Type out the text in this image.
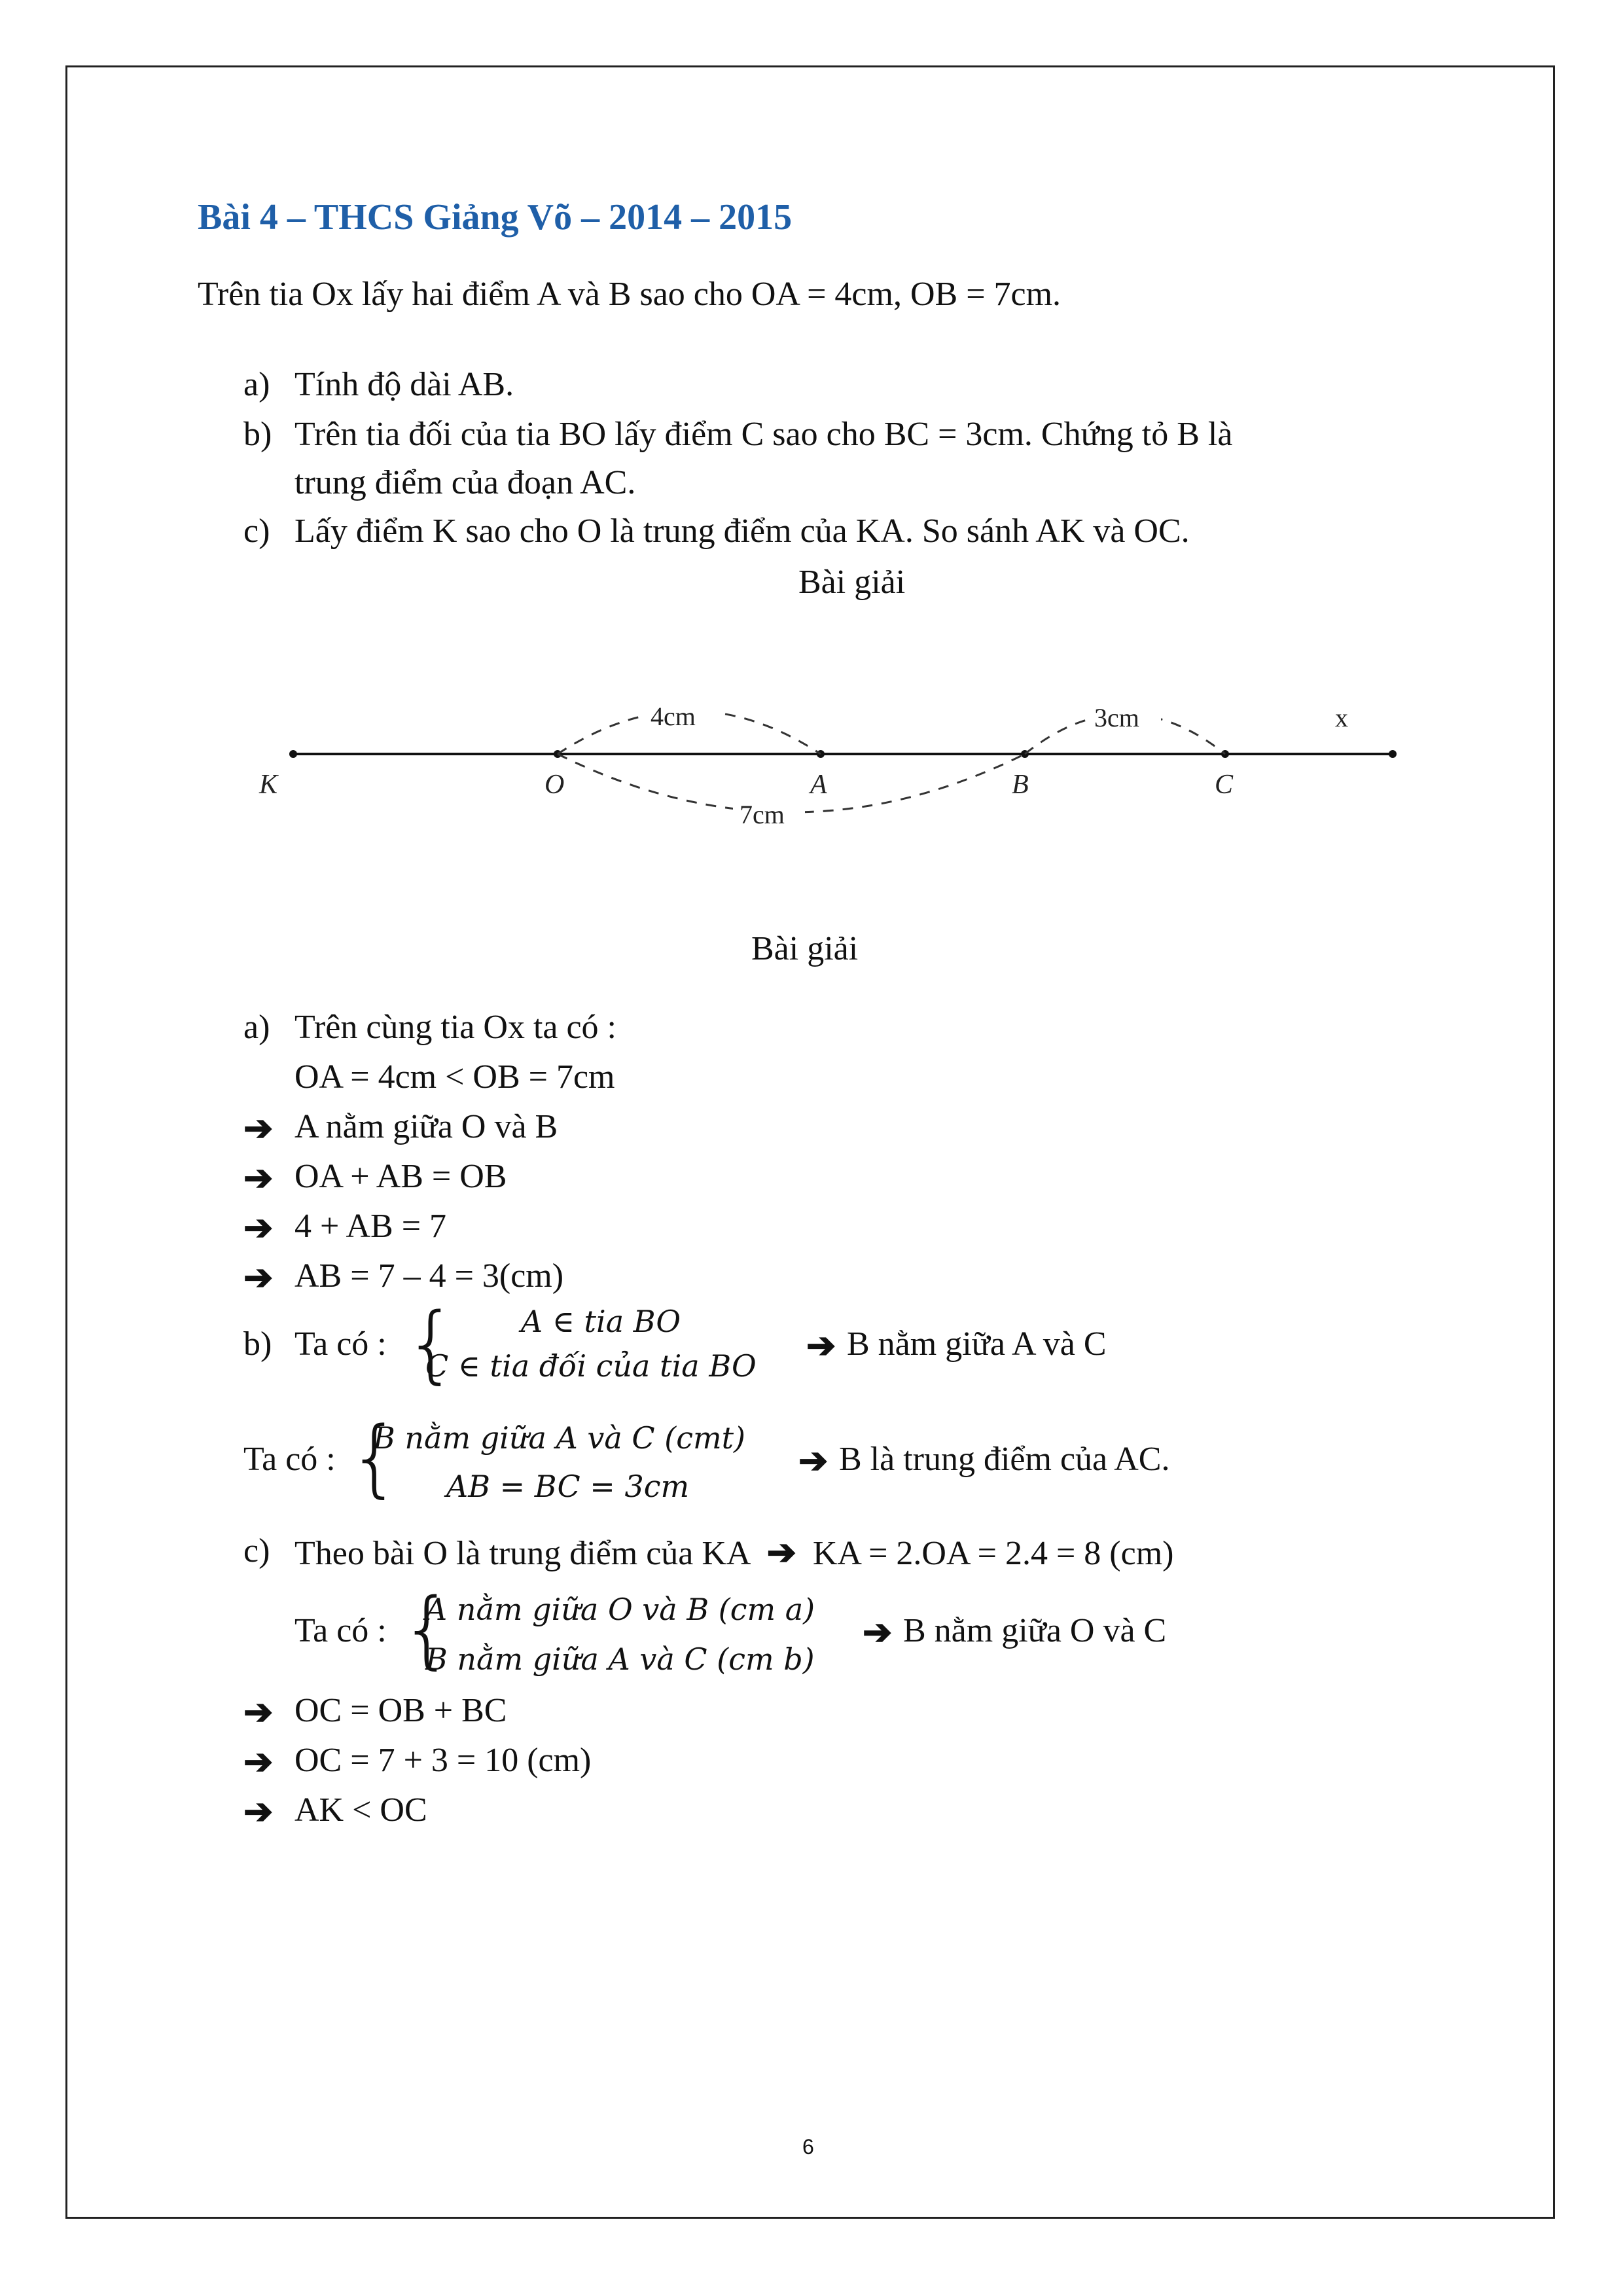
Bài 4 – THCS Giảng Võ – 2014 – 2015
Trên tia Ox lấy hai điểm A và B sao cho OA = 4cm, OB = 7cm.
a) Tính độ dài AB.
b) Trên tia đối của tia BO lấy điểm C sao cho BC = 3cm. Chứng tỏ B là
trung điểm của đoạn AC.
c) Lấy điểm K sao cho O là trung điểm của KA. So sánh AK và OC.
Bài giải
4cm	3cm
7cm
K	O	A	B	C
x
Bài giải
a) Trên cùng tia Ox ta có :
OA = 4cm < OB = 7cm
➔ A nằm giữa O và B
➔ OA + AB = OB
➔ 4 + AB = 7
➔ AB = 7 – 4 = 3(cm)
b) Ta có : { A ∈ tia BO
C ∈ tia đối của tia BO
➔ B nằm giữa A và C
Ta có : {
B nằm giữa A và C (cmt)
AB = BC = 3cm
➔ B là trung điểm của AC.
c) Theo bài O là trung điểm của KA ➔ KA = 2.OA = 2.4 = 8 (cm)
Ta có : {
A nằm giữa O và B (cm a)
B nằm giữa A và C (cm b)
➔ B nằm giữa O và C
➔ OC = OB + BC
➔ OC = 7 + 3 = 10 (cm)
➔ AK < OC
6
